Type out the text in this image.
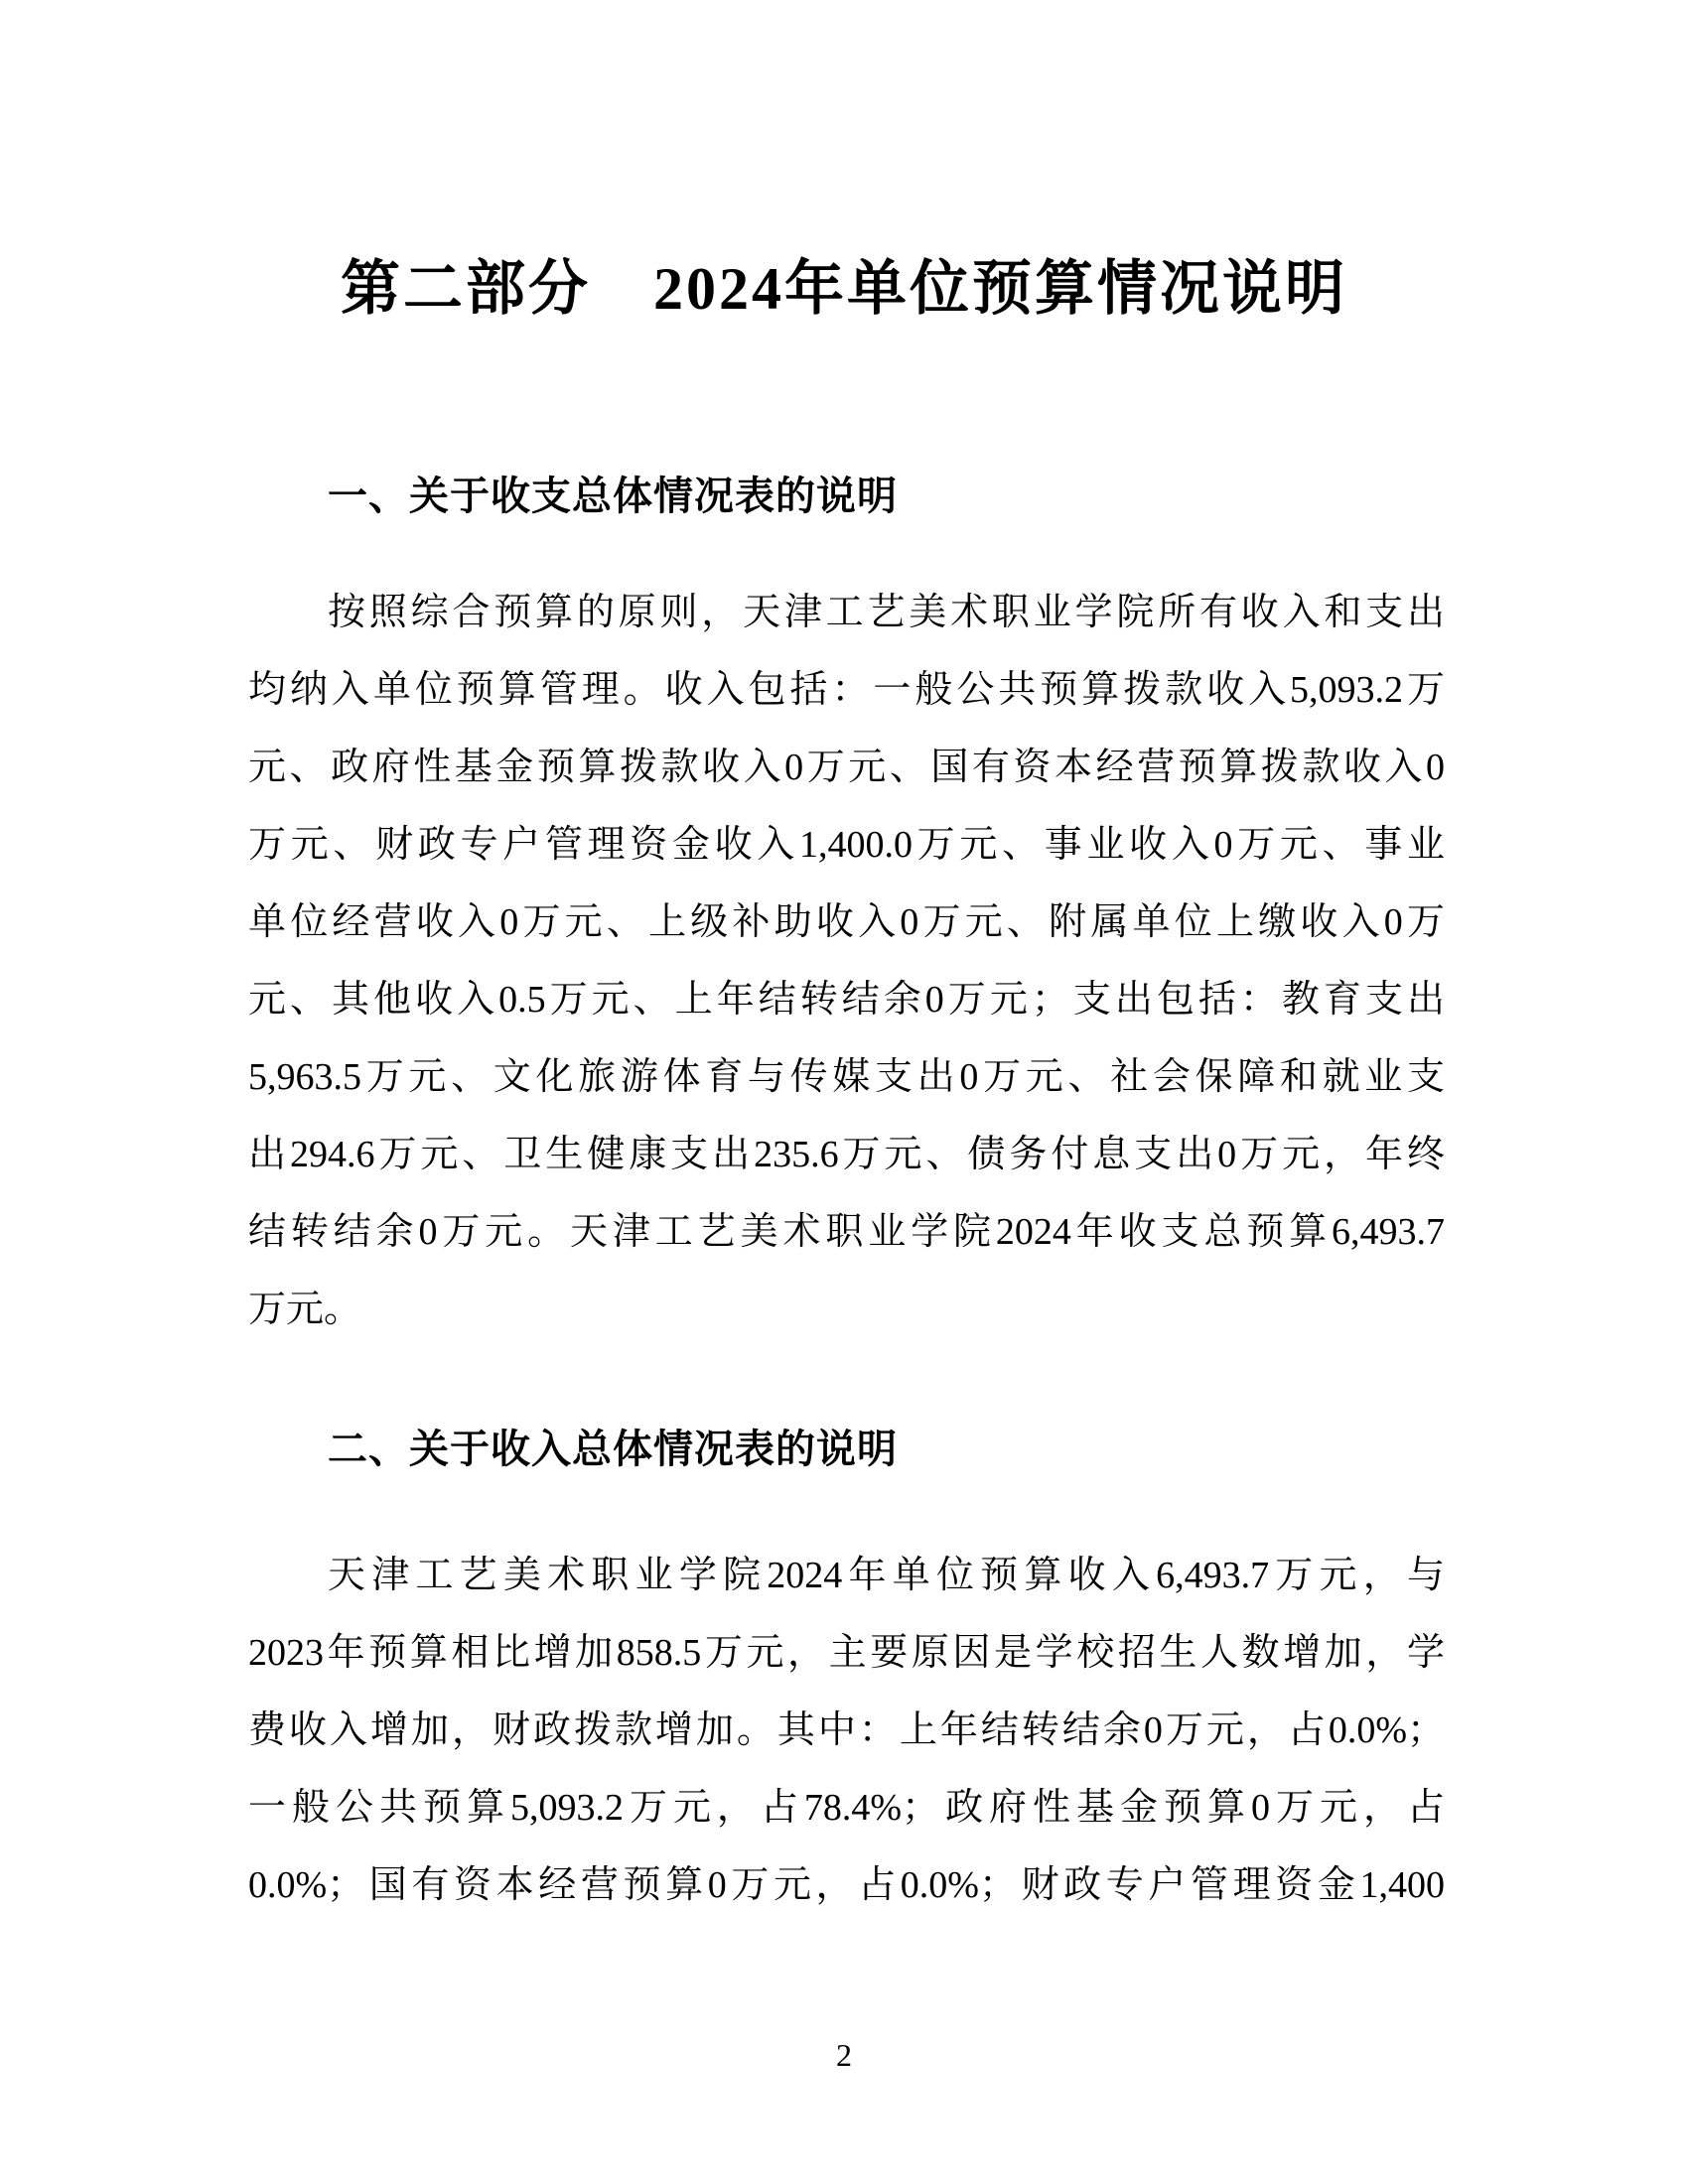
第二部分　2024年单位预算情况说明
一、关于收支总体情况表的说明
按照综合预算的原则，天津工艺美术职业学院所有收入和支出
均纳入单位预算管理。收入包括：一般公共预算拨款收入5,093.2万
元、政府性基金预算拨款收入0万元、国有资本经营预算拨款收入0
万元、财政专户管理资金收入1,400.0万元、事业收入0万元、事业
单位经营收入0万元、上级补助收入0万元、附属单位上缴收入0万
元、其他收入0.5万元、上年结转结余0万元；支出包括：教育支出
5,963.5万元、文化旅游体育与传媒支出0万元、社会保障和就业支
出294.6万元、卫生健康支出235.6万元、债务付息支出0万元，年终
结转结余0万元。天津工艺美术职业学院2024年收支总预算6,493.7
万元。
二、关于收入总体情况表的说明
天津工艺美术职业学院2024年单位预算收入6,493.7万元，与
2023年预算相比增加858.5万元，主要原因是学校招生人数增加，学
费收入增加，财政拨款增加。其中：上年结转结余0万元，占0.0%；
一般公共预算5,093.2万元，占78.4%；政府性基金预算0万元，占
0.0%；国有资本经营预算0万元，占0.0%；财政专户管理资金1,400
2
